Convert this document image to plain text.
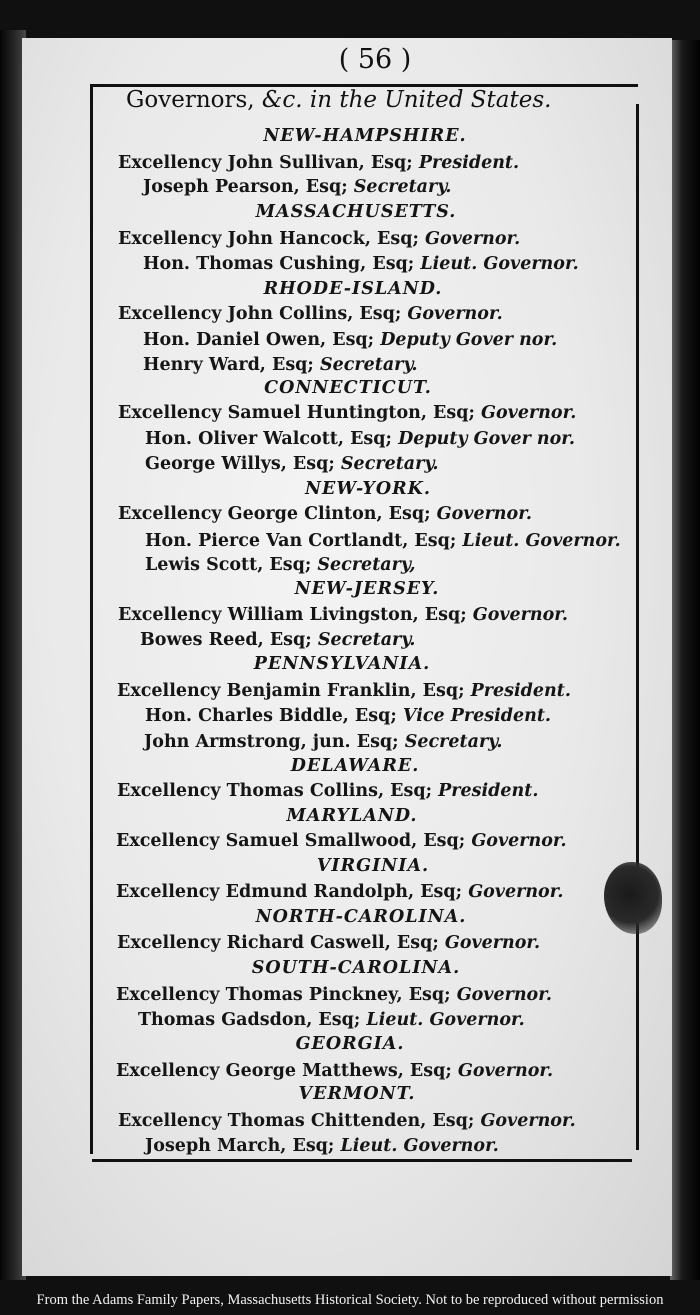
( 56 )
Governors, &c. in the United States.
NEW-HAMPSHIRE.
Excellency John Sullivan, Esq; President.
Joseph Pearson, Esq; Secretary.
MASSACHUSETTS.
Excellency John Hancock, Esq; Governor.
Hon. Thomas Cushing, Esq; Lieut. Governor.
RHODE-ISLAND.
Excellency John Collins, Esq; Governor.
Hon. Daniel Owen, Esq; Deputy Gover nor.
Henry Ward, Esq; Secretary.
CONNECTICUT.
Excellency Samuel Huntington, Esq; Governor.
Hon. Oliver Walcott, Esq; Deputy Gover nor.
George Willys, Esq; Secretary.
NEW-YORK.
Excellency George Clinton, Esq; Governor.
Hon. Pierce Van Cortlandt, Esq; Lieut. Governor.
Lewis Scott, Esq; Secretary,
NEW-JERSEY.
Excellency William Livingston, Esq; Governor.
Bowes Reed, Esq; Secretary.
PENNSYLVANIA.
Excellency Benjamin Franklin, Esq; President.
Hon. Charles Biddle, Esq; Vice President.
John Armstrong, jun. Esq; Secretary.
DELAWARE.
Excellency Thomas Collins, Esq; President.
MARYLAND.
Excellency Samuel Smallwood, Esq; Governor.
VIRGINIA.
Excellency Edmund Randolph, Esq; Governor.
NORTH-CAROLINA.
Excellency Richard Caswell, Esq; Governor.
SOUTH-CAROLINA.
Excellency Thomas Pinckney, Esq; Governor.
Thomas Gadsdon, Esq; Lieut. Governor.
GEORGIA.
Excellency George Matthews, Esq; Governor.
VERMONT.
Excellency Thomas Chittenden, Esq; Governor.
Joseph March, Esq; Lieut. Governor.
From the Adams Family Papers, Massachusetts Historical Society. Not to be reproduced without permission
